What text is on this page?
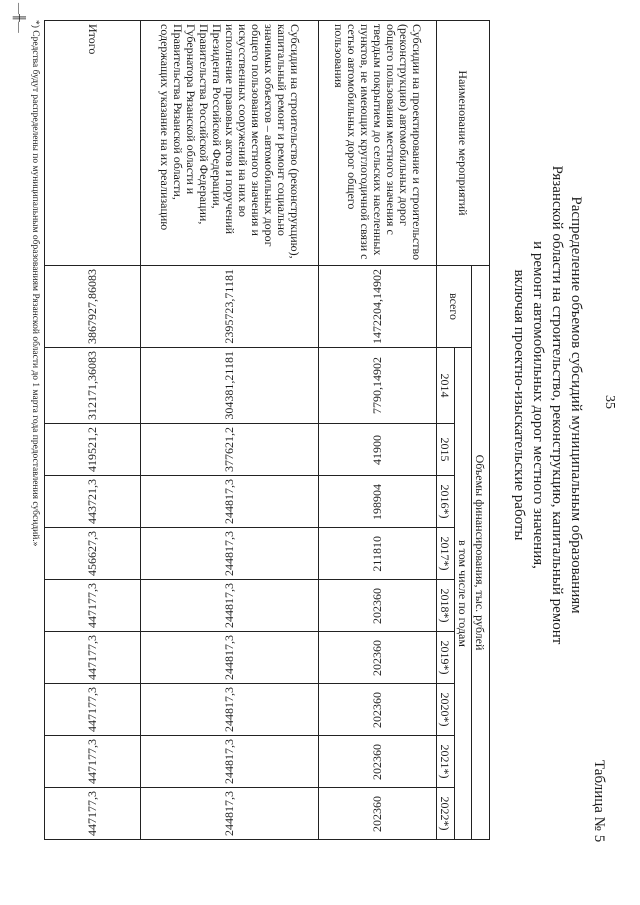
35
Таблица № 5
Распределение объемов субсидий муниципальным образованиям
Рязанской области на строительство, реконструкцию, капитальный ремонт
и ремонт автомобильных дорог местного значения,
включая проектно-изыскательские работы
Наименование мероприятий	Объемы финансирования, тыс. рублей									
	всего	в том числе по годам								
		2014	2015	2016*)	2017*)	2018*)	2019*)	2020*)	2021*)	2022*)
Субсидии на проектирование и строительство (реконструкцию) автомобильных дорог общего пользования местного значения с твердым покрытием до сельских населенных пунктов, не имеющих круглогодичной связи с сетью автомобильных дорог общего пользования	1472204,14902	7790,14902	41900	198904	211810	202360	202360	202360	202360	202360
Субсидии на строительство (реконструкцию), капитальный ремонт и ремонт социально значимых объектов – автомобильных дорог общего пользования местного значения и искусственных сооружений на них во исполнение правовых актов и поручений Президента Российской Федерации, Правительства Российской Федерации, Губернатора Рязанской области и Правительства Рязанской области, содержащих указание на их реализацию	2395723,71181	304381,21181	377621,2	244817,3	244817,3	244817,3	244817,3	244817,3	244817,3	244817,3
Итого	3867927,86083	312171,36083	419521,2	443721,3	456627,3	447177,3	447177,3	447177,3	447177,3	447177,3
*) Средства будут распределены по муниципальным образованиям Рязанской области до 1 марта года предоставления субсидий.»
―╫―
